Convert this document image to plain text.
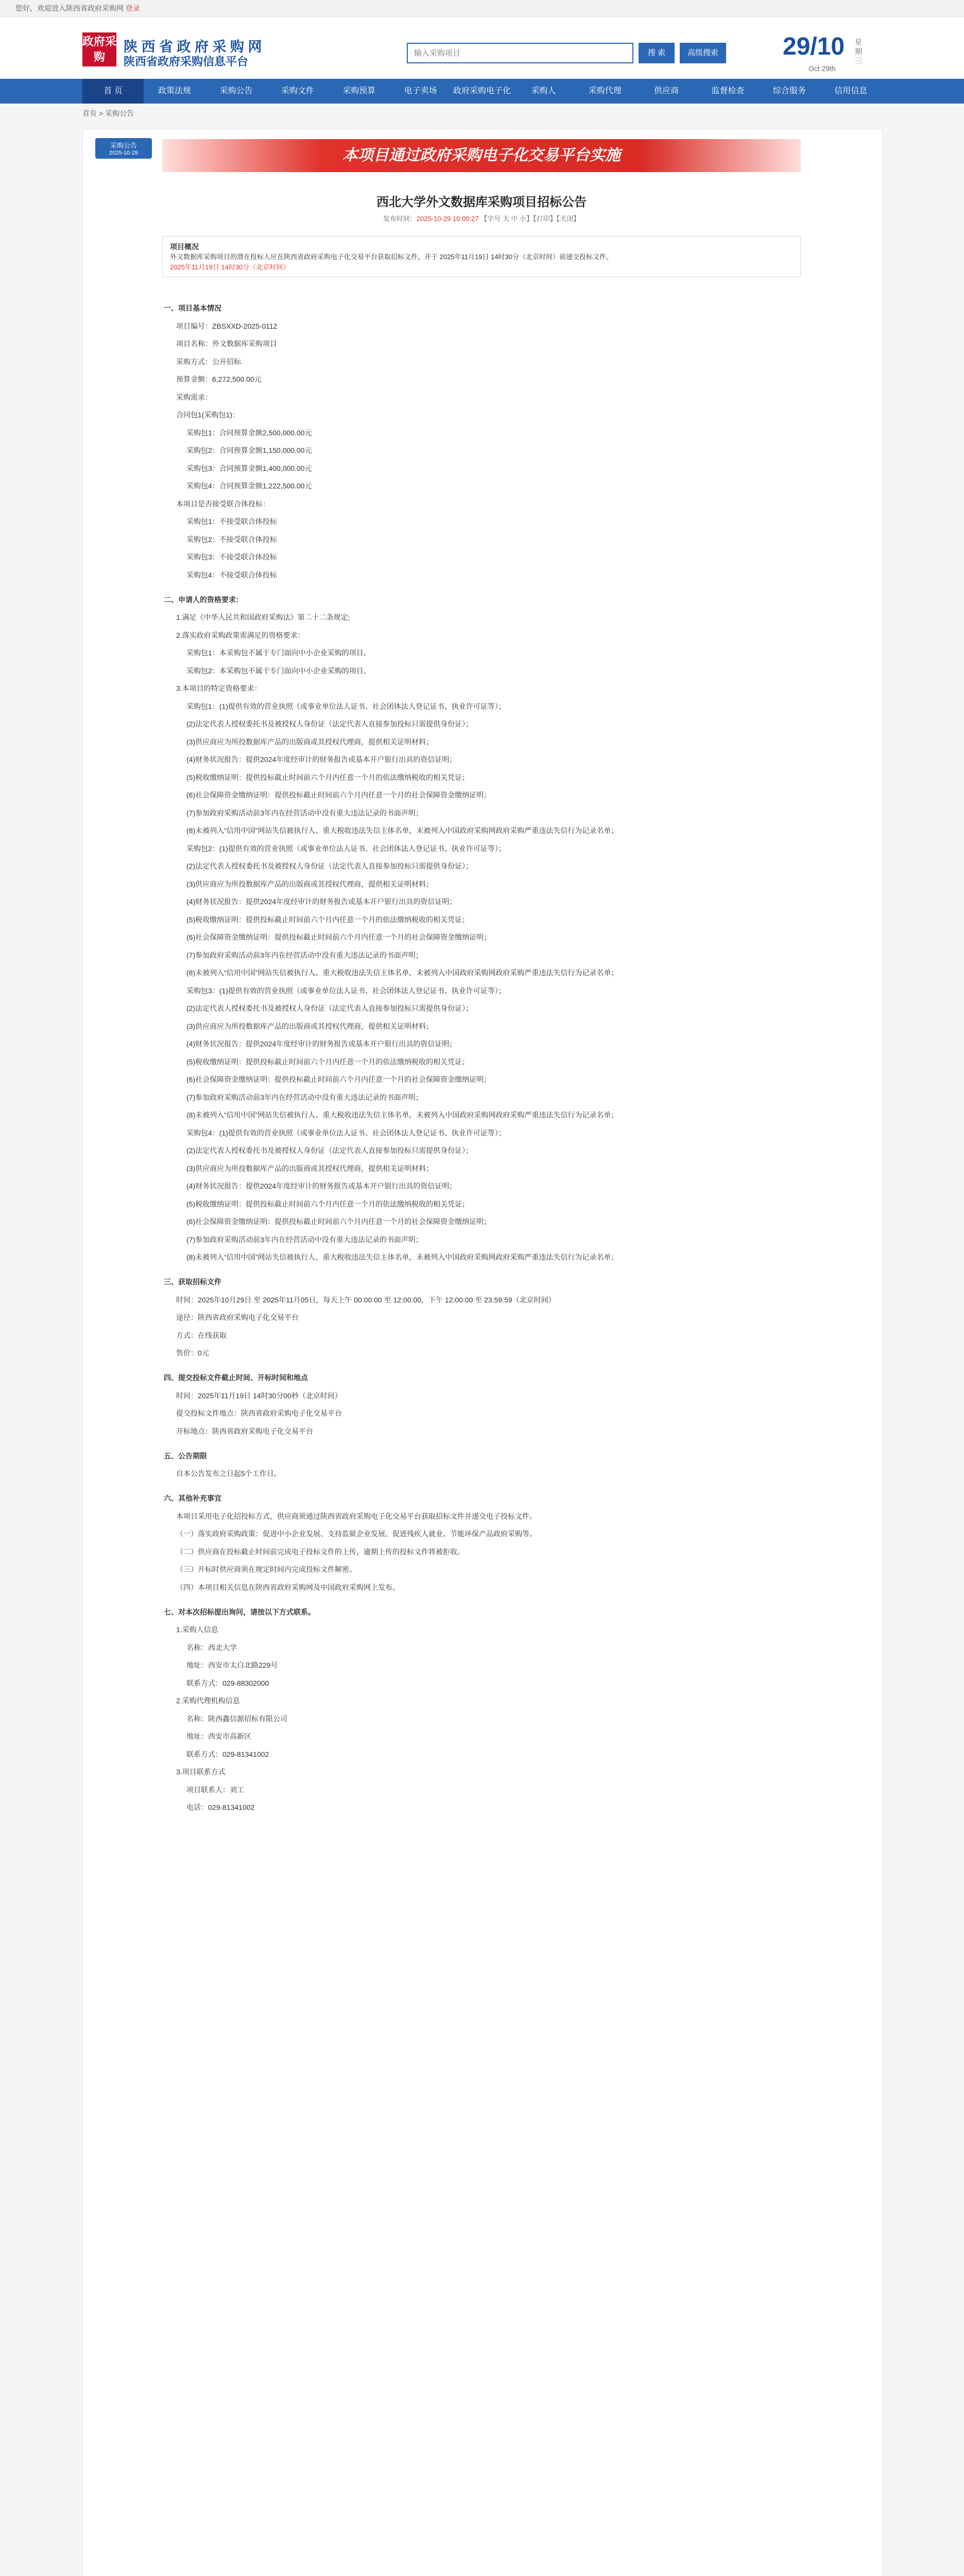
您好，欢迎进入陕西省政府采购网 登录
政府采购
陕 西 省 政 府 采 购 网
陕西省政府采购信息平台
输入采购项目
搜 索	高级搜索	29/10	星期三
Oct 29th
首 页	政策法规	采购公告	采购文件	采购预算	电子卖场	政府采购电子化	采购人	采购代理	供应商	监督检查	综合服务	信用信息
首页 > 采购公告
采购公告
2025-10-29	本项目通过政府采购电子化交易平台实施
西北大学外文数据库采购项目招标公告
发布时间：2025-10-29 10:00:27 【字号 大 中 小】【打印】【关闭】
项目概况
外文数据库采购项目的潜在投标人应在陕西省政府采购电子化交易平台获取招标文件，并于 2025年11月19日 14时30分（北京时间）前递交投标文件。
2025年11月19日 14时30分（北京时间）

一、项目基本情况

项目编号：ZBSXXD-2025-0112

项目名称：外文数据库采购项目

采购方式：公开招标

预算金额：6,272,500.00元

采购需求：

合同包1(采购包1)：

采购包1：合同预算金额2,500,000.00元

采购包2：合同预算金额1,150,000.00元

采购包3：合同预算金额1,400,000.00元

采购包4：合同预算金额1,222,500.00元

本项目是否接受联合体投标：

采购包1：不接受联合体投标

采购包2：不接受联合体投标

采购包3：不接受联合体投标

采购包4：不接受联合体投标

二、申请人的资格要求：

1.满足《中华人民共和国政府采购法》第二十二条规定;

2.落实政府采购政策需满足的资格要求：

采购包1：本采购包不属于专门面向中小企业采购的项目。

采购包2：本采购包不属于专门面向中小企业采购的项目。

3.本项目的特定资格要求：

采购包1：(1)提供有效的营业执照（或事业单位法人证书、社会团体法人登记证书、执业许可证等）；

(2)法定代表人授权委托书及被授权人身份证（法定代表人直接参加投标只需提供身份证）；

(3)供应商应为所投数据库产品的出版商或其授权代理商，提供相关证明材料；

(4)财务状况报告：提供2024年度经审计的财务报告或基本开户银行出具的资信证明；

(5)税收缴纳证明：提供投标截止时间前六个月内任意一个月的依法缴纳税收的相关凭证；

(6)社会保障资金缴纳证明：提供投标截止时间前六个月内任意一个月的社会保障资金缴纳证明；

(7)参加政府采购活动前3年内在经营活动中没有重大违法记录的书面声明；

(8)未被列入“信用中国”网站失信被执行人、重大税收违法失信主体名单，未被列入中国政府采购网政府采购严重违法失信行为记录名单；

采购包2：(1)提供有效的营业执照（或事业单位法人证书、社会团体法人登记证书、执业许可证等）；

(2)法定代表人授权委托书及被授权人身份证（法定代表人直接参加投标只需提供身份证）；

(3)供应商应为所投数据库产品的出版商或其授权代理商，提供相关证明材料；

(4)财务状况报告：提供2024年度经审计的财务报告或基本开户银行出具的资信证明；

(5)税收缴纳证明：提供投标截止时间前六个月内任意一个月的依法缴纳税收的相关凭证；

(6)社会保障资金缴纳证明：提供投标截止时间前六个月内任意一个月的社会保障资金缴纳证明；

(7)参加政府采购活动前3年内在经营活动中没有重大违法记录的书面声明；

(8)未被列入“信用中国”网站失信被执行人、重大税收违法失信主体名单，未被列入中国政府采购网政府采购严重违法失信行为记录名单；

采购包3：(1)提供有效的营业执照（或事业单位法人证书、社会团体法人登记证书、执业许可证等）；

(2)法定代表人授权委托书及被授权人身份证（法定代表人直接参加投标只需提供身份证）；

(3)供应商应为所投数据库产品的出版商或其授权代理商，提供相关证明材料；

(4)财务状况报告：提供2024年度经审计的财务报告或基本开户银行出具的资信证明；

(5)税收缴纳证明：提供投标截止时间前六个月内任意一个月的依法缴纳税收的相关凭证；

(6)社会保障资金缴纳证明：提供投标截止时间前六个月内任意一个月的社会保障资金缴纳证明；

(7)参加政府采购活动前3年内在经营活动中没有重大违法记录的书面声明；

(8)未被列入“信用中国”网站失信被执行人、重大税收违法失信主体名单，未被列入中国政府采购网政府采购严重违法失信行为记录名单；

采购包4：(1)提供有效的营业执照（或事业单位法人证书、社会团体法人登记证书、执业许可证等）；

(2)法定代表人授权委托书及被授权人身份证（法定代表人直接参加投标只需提供身份证）；

(3)供应商应为所投数据库产品的出版商或其授权代理商，提供相关证明材料；

(4)财务状况报告：提供2024年度经审计的财务报告或基本开户银行出具的资信证明；

(5)税收缴纳证明：提供投标截止时间前六个月内任意一个月的依法缴纳税收的相关凭证；

(6)社会保障资金缴纳证明：提供投标截止时间前六个月内任意一个月的社会保障资金缴纳证明；

(7)参加政府采购活动前3年内在经营活动中没有重大违法记录的书面声明；

(8)未被列入“信用中国”网站失信被执行人、重大税收违法失信主体名单，未被列入中国政府采购网政府采购严重违法失信行为记录名单；

三、获取招标文件

时间：2025年10月29日 至 2025年11月05日，每天上午 00:00:00 至 12:00:00，下午 12:00:00 至 23:59:59（北京时间）

途径：陕西省政府采购电子化交易平台

方式：在线获取

售价：0元

四、提交投标文件截止时间、开标时间和地点

时间：2025年11月19日 14时30分00秒（北京时间）

提交投标文件地点：陕西省政府采购电子化交易平台

开标地点：陕西省政府采购电子化交易平台

五、公告期限

自本公告发布之日起5个工作日。

六、其他补充事宜

本项目采用电子化招投标方式，供应商须通过陕西省政府采购电子化交易平台获取招标文件并递交电子投标文件。

（一）落实政府采购政策：促进中小企业发展、支持监狱企业发展、促进残疾人就业、节能环保产品政府采购等。

（二）供应商在投标截止时间前完成电子投标文件的上传，逾期上传的投标文件将被拒收。

（三）开标时供应商须在规定时间内完成投标文件解密。

（四）本项目相关信息在陕西省政府采购网及中国政府采购网上发布。

七、对本次招标提出询问，请按以下方式联系。

1.采购人信息

名称：西北大学

地址：西安市太白北路229号

联系方式：029-88302000

2.采购代理机构信息

名称：陕西鑫信源招标有限公司

地址：西安市高新区

联系方式：029-81341002

3.项目联系方式

项目联系人：刘工

电话：029-81341002
